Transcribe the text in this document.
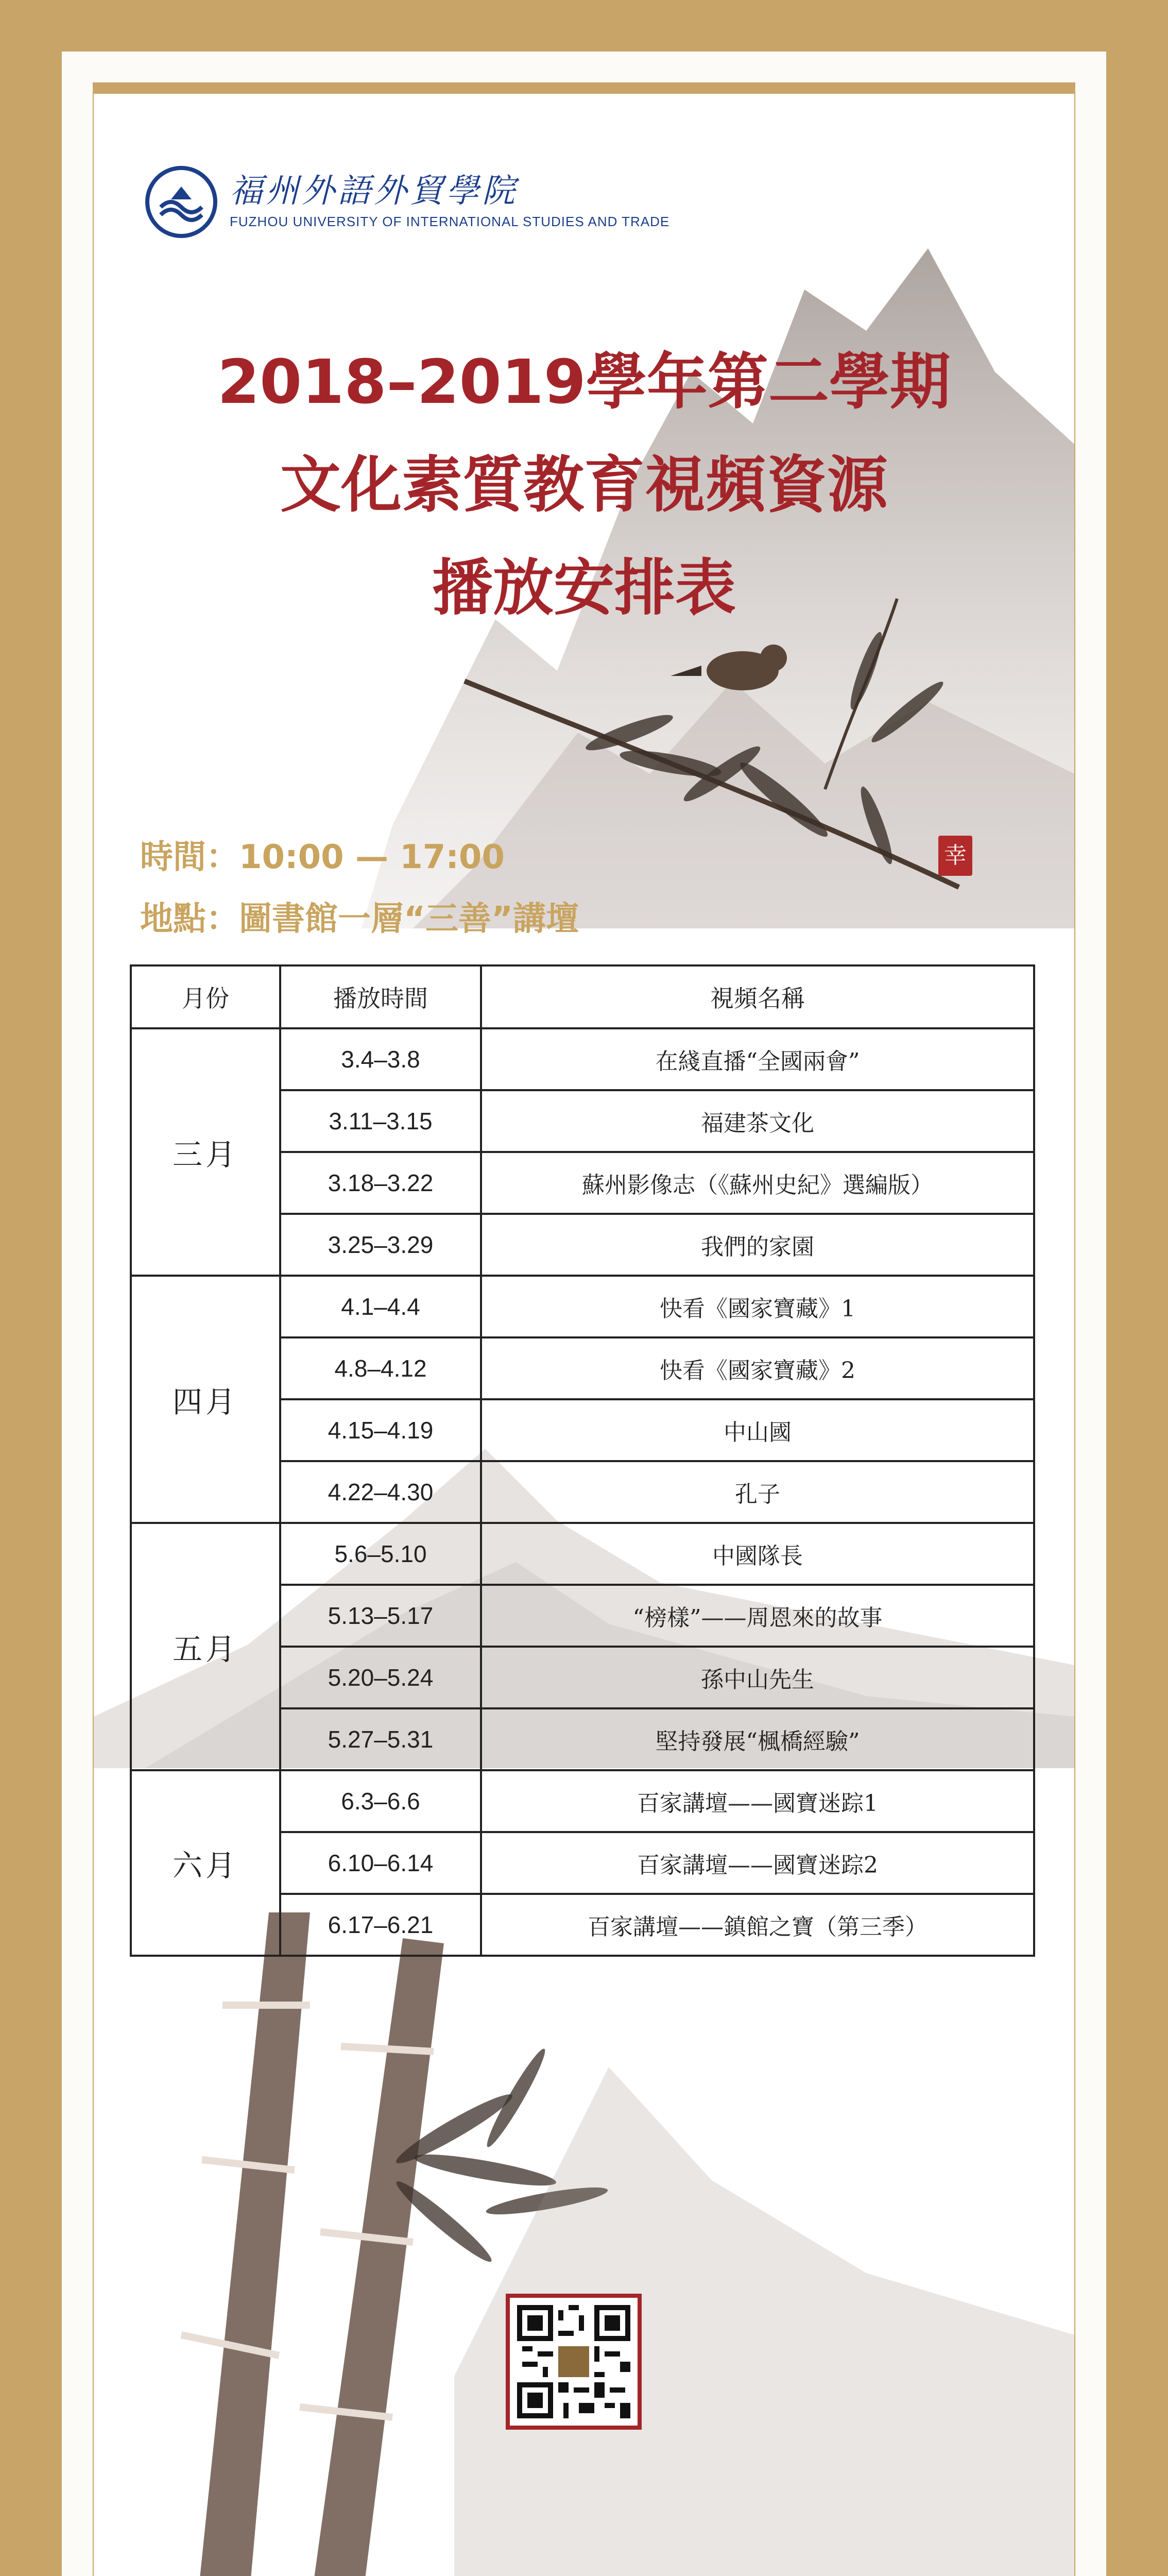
福州外語外貿學院
FUZHOU UNIVERSITY OF INTERNATIONAL STUDIES AND TRADE
2018–2019學年第二學期
文化素質教育視頻資源
播放安排表
幸
時間：10:00 — 17:00
地點：圖書館一層“三善”講壇
月份	播放時間	視頻名稱
三月	3.4–3.8	在綫直播“全國兩會”
	3.11–3.15	福建茶文化
	3.18–3.22	蘇州影像志（《蘇州史紀》選編版）
	3.25–3.29	我們的家園
四月	4.1–4.4	快看《國家寶藏》1
	4.8–4.12	快看《國家寶藏》2
	4.15–4.19	中山國
	4.22–4.30	孔子
五月	5.6–5.10	中國隊長
	5.13–5.17	“榜樣”——周恩來的故事
	5.20–5.24	孫中山先生
	5.27–5.31	堅持發展“楓橋經驗”
六月	6.3–6.6	百家講壇——國寶迷踪1
	6.10–6.14	百家講壇——國寶迷踪2
	6.17–6.21	百家講壇——鎮館之寶（第三季）
